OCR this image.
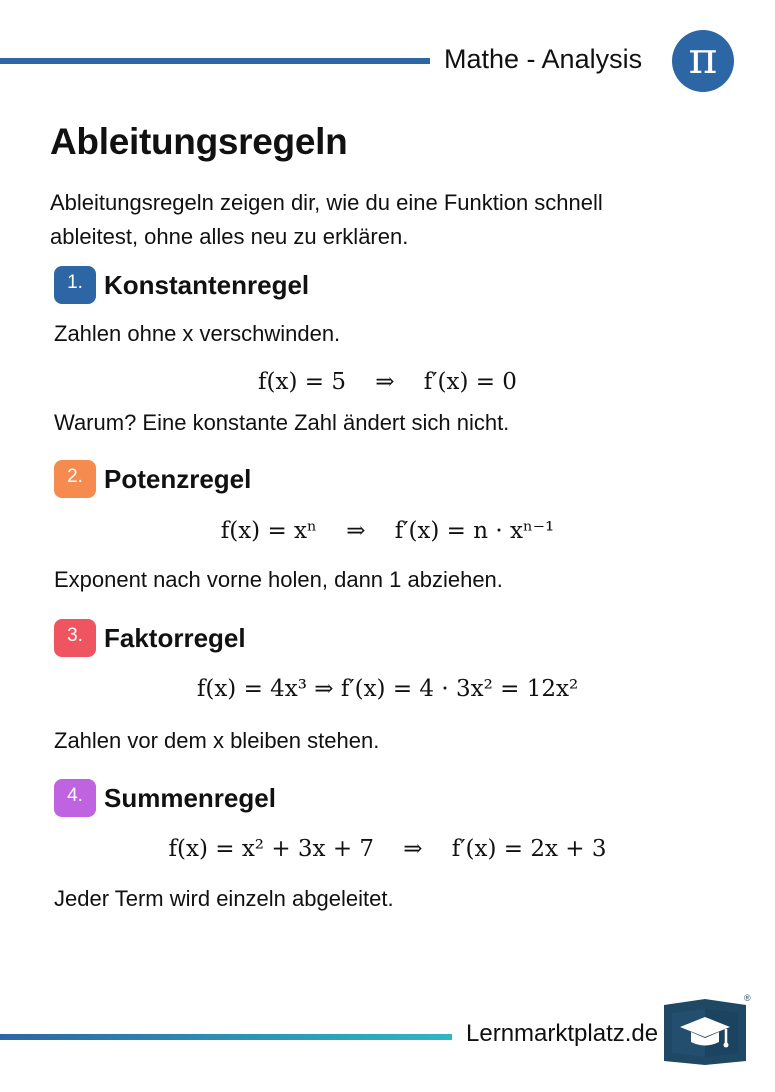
Mathe - Analysis	π
Ableitungsregeln

Ableitungsregeln zeigen dir, wie du eine Funktion schnell ableitest, ohne alles neu zu erklären.

1. Konstantenregel
Zahlen ohne x verschwinden.
f(x) = 5    ⇒    f′(x) = 0
Warum? Eine konstante Zahl ändert sich nicht.
2. Potenzregel
f(x) = xⁿ    ⇒    f′(x) = n · xⁿ⁻¹
Exponent nach vorne holen, dann 1 abziehen.
3. Faktorregel
f(x) = 4x³ ⇒ f′(x) = 4 · 3x² = 12x²
Zahlen vor dem x bleiben stehen.
4. Summenregel
f(x) = x² + 3x + 7    ⇒    f′(x) = 2x + 3
Jeder Term wird einzeln abgeleitet.
Lernmarktplatz.de
®
